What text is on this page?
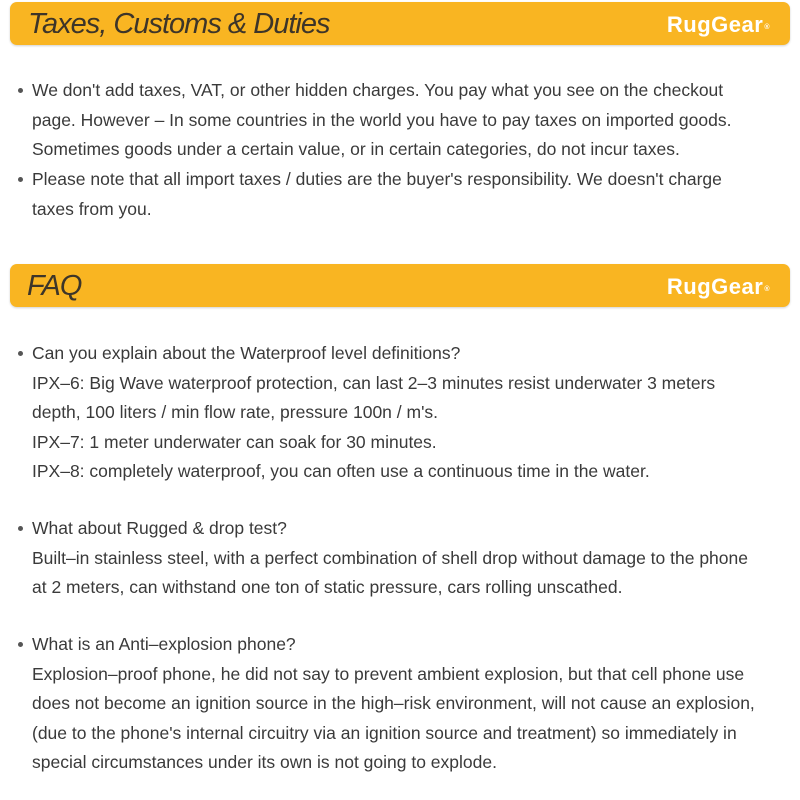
Taxes, Customs & Duties	RugGear®
We don't add taxes, VAT, or other hidden charges. You pay what you see on the checkout
page. However – In some countries in the world you have to pay taxes on imported goods.
Sometimes goods under a certain value, or in certain categories, do not incur taxes.
Please note that all import taxes / duties are the buyer's responsibility. We doesn't charge
taxes from you.
FAQ	RugGear®
Can you explain about the Waterproof level definitions?
IPX–6: Big Wave waterproof protection, can last 2–3 minutes resist underwater 3 meters
depth, 100 liters / min flow rate, pressure 100n / m's.
IPX–7: 1 meter underwater can soak for 30 minutes.
IPX–8: completely waterproof, you can often use a continuous time in the water.
What about Rugged & drop test?
Built–in stainless steel, with a perfect combination of shell drop without damage to the phone
at 2 meters, can withstand one ton of static pressure, cars rolling unscathed.
What is an Anti–explosion phone?
Explosion–proof phone, he did not say to prevent ambient explosion, but that cell phone use
does not become an ignition source in the high–risk environment, will not cause an explosion,
(due to the phone's internal circuitry via an ignition source and treatment) so immediately in
special circumstances under its own is not going to explode.
